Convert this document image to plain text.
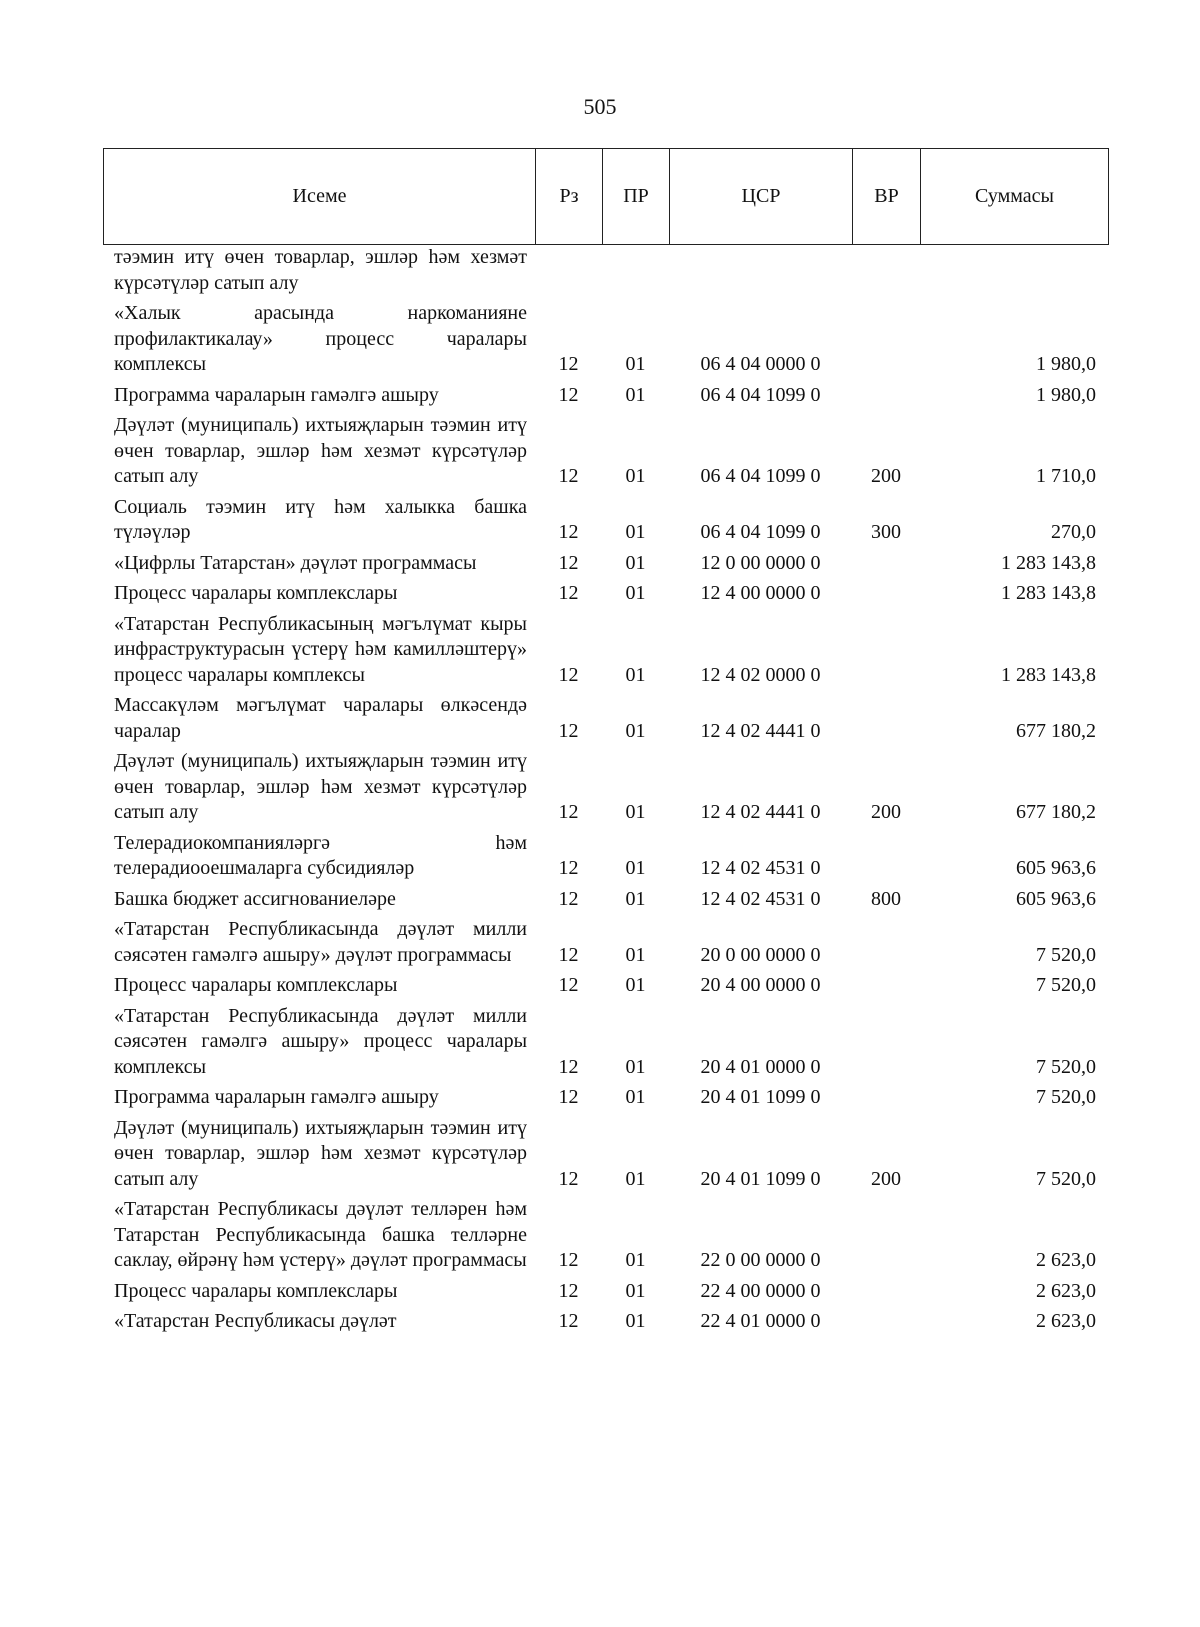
505
Исеме	Рз	ПР	ЦСР	ВР	Суммасы
тәэмин итү өчен товарлар, эшләр һәм хезмәт күрсәтүләр сатып алу					
«Халык арасында наркоманияне профилактикалау» процесс чаралары комплексы	12	01	06 4 04 0000 0		1 980,0
Программа чараларын гамәлгә ашыру	12	01	06 4 04 1099 0		1 980,0
Дәүләт (муниципаль) ихтыяҗларын тәэмин итү өчен товарлар, эшләр һәм хезмәт күрсәтүләр сатып алу	12	01	06 4 04 1099 0	200	1 710,0
Социаль тәэмин итү һәм халыкка башка түләүләр	12	01	06 4 04 1099 0	300	270,0
«Цифрлы Татарстан» дәүләт программасы	12	01	12 0 00 0000 0		1 283 143,8
Процесс чаралары комплекслары	12	01	12 4 00 0000 0		1 283 143,8
«Татарстан Республикасының мәгълүмат кыры инфраструктурасын үстерү һәм камилләштерү» процесс чаралары комплексы	12	01	12 4 02 0000 0		1 283 143,8
Массакүләм мәгълүмат чаралары өлкәсендә чаралар	12	01	12 4 02 4441 0		677 180,2
Дәүләт (муниципаль) ихтыяҗларын тәэмин итү өчен товарлар, эшләр һәм хезмәт күрсәтүләр сатып алу	12	01	12 4 02 4441 0	200	677 180,2
Телерадиокомпанияләргә һәм телерадиооешмаларга субсидияләр	12	01	12 4 02 4531 0		605 963,6
Башка бюджет ассигнованиеләре	12	01	12 4 02 4531 0	800	605 963,6
«Татарстан Республикасында дәүләт милли сәясәтен гамәлгә ашыру» дәүләт программасы	12	01	20 0 00 0000 0		7 520,0
Процесс чаралары комплекслары	12	01	20 4 00 0000 0		7 520,0
«Татарстан Республикасында дәүләт милли сәясәтен гамәлгә ашыру» процесс чаралары комплексы	12	01	20 4 01 0000 0		7 520,0
Программа чараларын гамәлгә ашыру	12	01	20 4 01 1099 0		7 520,0
Дәүләт (муниципаль) ихтыяҗларын тәэмин итү өчен товарлар, эшләр һәм хезмәт күрсәтүләр сатып алу	12	01	20 4 01 1099 0	200	7 520,0
«Татарстан Республикасы дәүләт телләрен һәм Татарстан Республикасында башка телләрне саклау, өйрәнү һәм үстерү» дәүләт программасы	12	01	22 0 00 0000 0		2 623,0
Процесс чаралары комплекслары	12	01	22 4 00 0000 0		2 623,0
«Татарстан Республикасы дәүләт	12	01	22 4 01 0000 0		2 623,0
